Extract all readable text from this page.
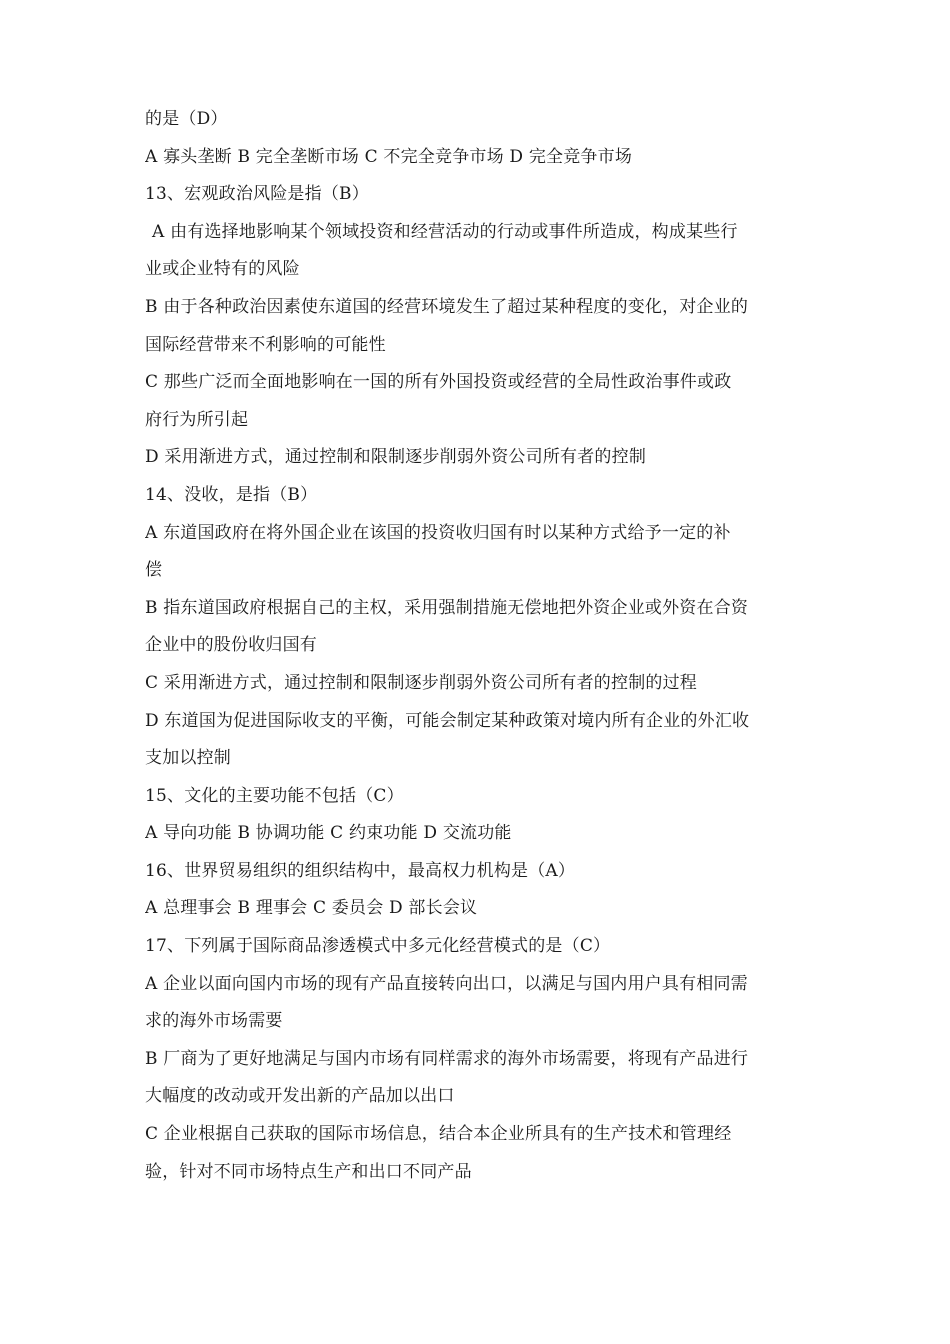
的是（D）
A 寡头垄断 B 完全垄断市场 C 不完全竞争市场 D 完全竞争市场
13、宏观政治风险是指（B）
A 由有选择地影响某个领域投资和经营活动的行动或事件所造成，构成某些行
业或企业特有的风险
B 由于各种政治因素使东道国的经营环境发生了超过某种程度的变化，对企业的
国际经营带来不利影响的可能性
C 那些广泛而全面地影响在一国的所有外国投资或经营的全局性政治事件或政
府行为所引起
D 采用渐进方式，通过控制和限制逐步削弱外资公司所有者的控制
14、没收，是指（B）
A 东道国政府在将外国企业在该国的投资收归国有时以某种方式给予一定的补
偿
B 指东道国政府根据自己的主权，采用强制措施无偿地把外资企业或外资在合资
企业中的股份收归国有
C 采用渐进方式，通过控制和限制逐步削弱外资公司所有者的控制的过程
D 东道国为促进国际收支的平衡，可能会制定某种政策对境内所有企业的外汇收
支加以控制
15、文化的主要功能不包括（C）
A 导向功能 B 协调功能 C 约束功能 D 交流功能
16、世界贸易组织的组织结构中，最高权力机构是（A）
A 总理事会 B 理事会 C 委员会 D 部长会议
17、下列属于国际商品渗透模式中多元化经营模式的是（C）
A 企业以面向国内市场的现有产品直接转向出口，以满足与国内用户具有相同需
求的海外市场需要
B 厂商为了更好地满足与国内市场有同样需求的海外市场需要，将现有产品进行
大幅度的改动或开发出新的产品加以出口
C 企业根据自己获取的国际市场信息，结合本企业所具有的生产技术和管理经
验，针对不同市场特点生产和出口不同产品
